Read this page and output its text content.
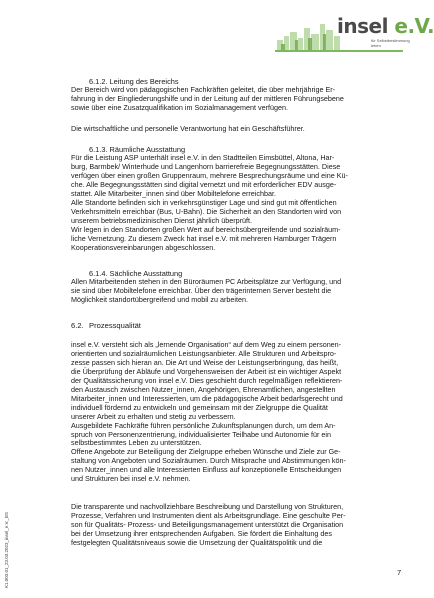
insel e.V.
für Selbstbestimmung
leben
6.1.2. Leitung des Bereichs

Der Bereich wird von pädagogischen Fachkräften geleitet, die über mehrjährige Er-
fahrung in der Eingliederungshilfe und in der Leitung auf der mittleren Führungsebene
sowie über eine Zusatzqualifikation im Sozialmanagement verfügen.

Die wirtschaftliche und personelle Verantwortung hat ein Geschäftsführer.

6.1.3. Räumliche Ausstattung

Für die Leistung ASP unterhält insel e.V. in den Stadtteilen Eimsbüttel, Altona, Har-
burg, Barmbek/ Winterhude und Langenhorn barrierefreie Begegnungsstätten. Diese
verfügen über einen großen Gruppenraum, mehrere Besprechungsräume und eine Kü-
che. Alle Begegnungsstätten sind digital vernetzt und mit erforderlicher EDV ausge-
stattet. Alle Mitarbeiter_innen sind über Mobiltelefone erreichbar.
Alle Standorte befinden sich in verkehrsgünstiger Lage und sind gut mit öffentlichen
Verkehrsmitteln erreichbar (Bus, U-Bahn). Die Sicherheit an den Standorten wird von
unserem betriebsmedizinischen Dienst jährlich überprüft.
Wir legen in den Standorten großen Wert auf bereichsübergreifende und sozialräum-
liche Vernetzung. Zu diesem Zweck hat insel e.V. mit mehreren Hamburger Trägern
Kooperationsvereinbarungen abgeschlossen.

6.1.4. Sächliche Ausstattung

Allen Mitarbeitenden stehen in den Büroräumen PC Arbeitsplätze zur Verfügung, und
sie sind über Mobiltelefone erreichbar. Über den trägerinternen Server besteht die
Möglichkeit standortübergreifend und mobil zu arbeiten.

6.2. Prozessqualität

insel e.V. versteht sich als „lernende Organisation“ auf dem Weg zu einem personen-
orientierten und sozialräumlichen Leistungsanbieter. Alle Strukturen und Arbeitspro-
zesse passen sich hieran an. Die Art und Weise der Leistungserbringung, das heißt,
die Überprüfung der Abläufe und Vorgehensweisen der Arbeit ist ein wichtiger Aspekt
der Qualitätssicherung von insel e.V. Dies geschieht durch regelmäßigen reflektieren-
den Austausch zwischen Nutzer_innen, Angehörigen, Ehrenamtlichen, angestellten
Mitarbeiter_innen und Interessierten, um die pädagogische Arbeit bedarfsgerecht und
individuell fördernd zu entwickeln und gemeinsam mit der Zielgruppe die Qualität
unserer Arbeit zu erhalten und stetig zu verbessern.
Ausgebildete Fachkräfte führen persönliche Zukunftsplanungen durch, um dem An-
spruch von Personenzentrierung, individualisierter Teilhabe und Autonomie für ein
selbstbestimmtes Leben zu unterstützen.
Offene Angebote zur Beteiligung der Zielgruppe erheben Wünsche und Ziele zur Ge-
staltung von Angeboten und Sozialräumen. Durch Mitsprache und Abstimmungen kön-
nen Nutzer_innen und alle Interessierten Einfluss auf konzeptionelle Entscheidungen
und Strukturen bei insel e.V. nehmen.

Die transparente und nachvollziehbare Beschreibung und Darstellung von Strukturen,
Prozesse, Verfahren und Instrumenten dient als Arbeitsgrundlage. Eine geschulte Per-
son für Qualitäts- Prozess- und Beteiligungsmanagement unterstützt die Organisation
bei der Umsetzung ihrer entsprechenden Aufgaben. Sie fördert die Einhaltung des
festgelegten Qualitätsniveaus sowie die Umsetzung der Qualitätspolitik und die

K1.003.01_23.03.2023_insel_e.V._BS	7
